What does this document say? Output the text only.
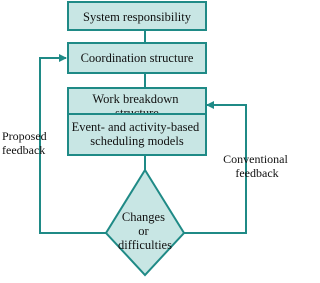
System responsibility
Coordination structure
Work breakdown
Event- and activity-based scheduling models
Changes or difficulties
Proposed feedback
Conventional feedback
